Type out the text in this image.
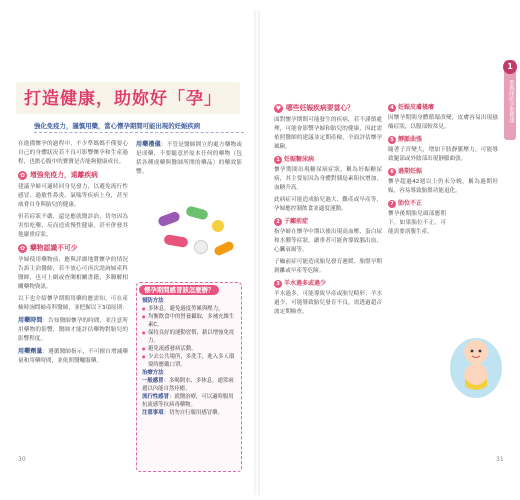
打造健康，助妳好「孕」
強化免疫力，謹慎用藥，當心懷孕期間可能出現的妊娠疾病

在進備懷孕的過程中，不少準媽媽不僅要心自己的身體狀況若不良可影響懷孕和生產過程，也擔心腹中的寶寶是否能夠健康成長。

✿ 增強免疫力，遠離疾病

建議孕婦可適時回身兒發力，以避免流行性感冒、過敏性鼻炎、氣喘等疾病上身，甚至威脅自身與胎兒的健康。

但若症狀不嚴，還是應就醫診治，切勿因為害怕吃藥，反而造成慢性健康，甚至併發其他嚴重症狀。

✿ 藥物認識不可少

孕婦使用藥物前，應與詳細地將懷孕的情況告訴主治醫師，若不放心可再次諮詢婦產科醫師，也可上網或查閱相關書籍，多瞭解相關藥物資訊。

以下也介紹懷孕期間用藥的應需知，可在產檢時詢問婦產科醫師，並把握以下3項原則：

用藥時間：告知醫師懷孕的時間，並注意所用藥物的影響，醫師才能評估藥物對胎兒的影響程度。

用藥劑量：遵循醫師指示，不可擅自增減藥量和用藥時間，並依照醫囑服藥。

用藥禮儀：不管是醫師開立的處方藥物或是成藥，不要隨意於原本任何的藥物（包括各種成藥與醫師所開的藥品）的藥效影響。

懷孕期間感冒該怎麼辦？
預防方法
● 多休息，避免過度勞累與壓力。
● 均衡飲食中的營養攝取，多補充維生素C。
● 保持良好的運動習慣，藉以增強免疫力。
● 避免流感發病活動。
● 少去公共場所，多洗手，進入多人環境時應戴口罩。
治療方法
一般感冒：多喝開水、多休息，通常兩週以內能自然痊癒。
流行性感冒：就醫治療，可以適時服用抗流感等抗病毒藥物。
注意事項：切勿自行服用感冒藥。
30
1
準媽咪的孕期健康
♥ 哪些妊娠疾病要當心？

面對懷孕期間可能發生的疾病，若不謹慎處理，可能會影響孕婦和胎兒的健康，因此需依照醫師的建議並定期產檢，全面評估懷孕風險。

1 妊娠糖尿病

懷孕期間出現糖尿病症狀，稱為妊娠糖尿病，其主要原因為身體對胰島素阻抗增加，血糖升高。

此病症可能造成胎兒過大、難產或早產等，孕婦應控制飲食並適度運動。

2 子癲前症

指孕婦在懷孕中期以後出現高血壓、蛋白尿和水腫等症狀，嚴重者可能會導致腦出血、心臟衰竭等。

子癲前症可能造成胎兒發育遲緩、胎盤早期剝離或早產等危險。

3 羊水過多或過少

羊水過多，可能導致早產或胎兒畸形；羊水過少，可能導致胎兒發育不良，需透過超音波定期檢查。

4 妊娠皮膚搔癢

因懷孕期間身體循環改變，皮膚容易出現搔癢症狀，以腹部較常見。

5 靜脈曲張

隨著子宮變大，增加下肢靜脈壓力，可能導致腿部或外陰部出現靜脈曲張。

6 過期妊娠

懷孕超過42週以上仍未分娩，稱為過期妊娠，容易導致胎盤功能退化。

7 胎位不正

懷孕後期胎兒頭部應朝下，如果胎位不正，可能需要剖腹生產。

31
